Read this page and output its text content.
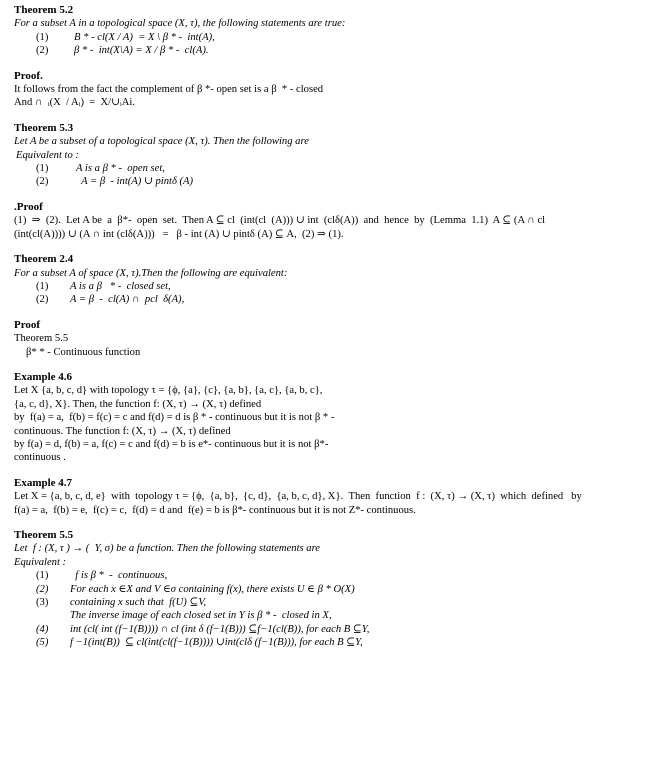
Theorem 5.2
For a subset A in a topological space (X, τ), the following statements are true:
(1)	B * - cl(X / A)  = X \ β * -  int(A),
(2)	β * -  int(X\A) = X / β * -  cl(A).
Proof.
It follows from the fact the complement of β *- open set is a β  * - closed
And ∩  ᵢ(X  / Aᵢ)  =  X/∪ᵢAi.
Theorem 5.3
Let A be a subset of a topological space (X, τ). Then the following are
Equivalent to :
(1)	A is a β * -  open set,
(2)	A = β  - int(A) ∪ pintδ (A)
.Proof
(1)  ⇒  (2).  Let A be  a  β*-  open  set.  Then A ⊆ cl  (int(cl  (A))) ∪ int  (clδ(A))  and  hence  by  (Lemma  1.1)  A ⊆ (A ∩ cl
(int(cl(A)))) ∪ (A ∩ int (clδ(A)))   =   β - int (A) ∪ pintδ (A) ⊆ A,  (2) ⇒ (1).
Theorem 2.4
For a subset A of space (X, τ).Then the following are equivalent:
(1)	A is a β   * -  closed set,
(2)	A = β  -  cl(A) ∩  pcl  δ(A),
Proof
Theorem 5.5
β* * - Continuous function
Example 4.6
Let X {a, b, c, d} with topology τ = {ϕ, {a}, {c}, {a, b}, {a, c}, {a, b, c},
{a, c, d}, X}. Then, the function f: (X, τ) → (X, τ) defined
by  f(a) = a,  f(b) = f(c) = c and f(d) = d is β * - continuous but it is not β * -
continuous. The function f: (X, τ) → (X, τ) defined
by f(a) = d, f(b) = a, f(c) = c and f(d) = b is e*- continuous but it is not β*-
continuous .
Example 4.7
Let X = {a, b, c, d, e}  with  topology τ = {ϕ,  {a, b},  {c, d},  {a, b, c, d}, X}.  Then  function  f :  (X, τ) → (X, τ)  which  defined   by
f(a) = a,  f(b) = e,  f(c) = c,  f(d) = d and  f(e) = b is β*- continuous but it is not Z*- continuous.
Theorem 5.5
Let  f : (X, τ ) → (  Y, σ) be a function. Then the following statements are
Equivalent :
(1)	f is β *  -  continuous,
(2)	For each x ∈X and V ∈σ containing f(x), there exists U ∈ β * O(X)
(3)	containing x such that  f(U) ⊆V,
The inverse image of each closed set in Y is β * -  closed in X,
(4)	int (cl( int (f−1(B)))) ∩ cl (int δ (f−1(B))) ⊆f−1(cl(B)), for each B ⊆Y,
(5)	f −1(int(B))  ⊆ cl(int(cl(f−1(B)))) ∪int(clδ (f−1(B))), for each B ⊆Y,
